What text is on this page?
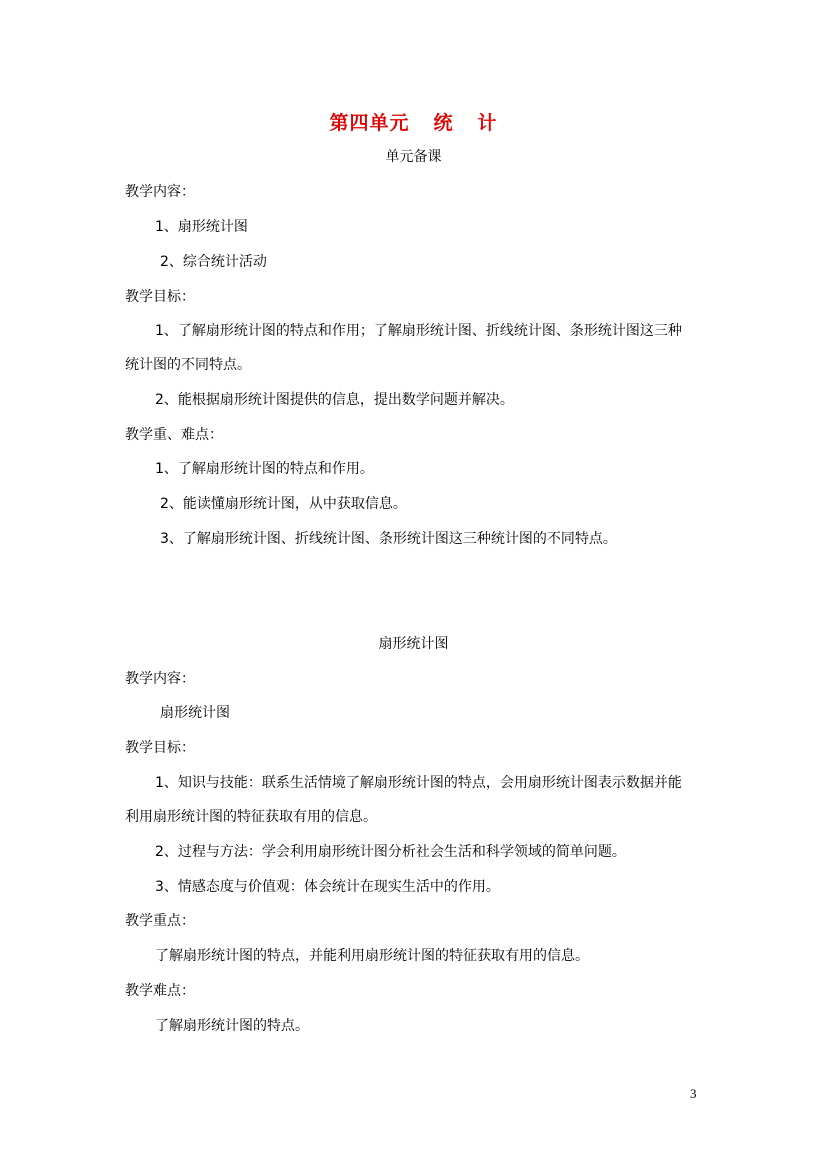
第四单元 统 计
单元备课
教学内容：
1、扇形统计图
2、综合统计活动
教学目标：
1、了解扇形统计图的特点和作用；了解扇形统计图、折线统计图、条形统计图这三种
统计图的不同特点。
2、能根据扇形统计图提供的信息，提出数学问题并解决。
教学重、难点：
1、了解扇形统计图的特点和作用。
2、能读懂扇形统计图，从中获取信息。
3、了解扇形统计图、折线统计图、条形统计图这三种统计图的不同特点。
扇形统计图
教学内容：
扇形统计图
教学目标：
1、知识与技能：联系生活情境了解扇形统计图的特点，会用扇形统计图表示数据并能
利用扇形统计图的特征获取有用的信息。
2、过程与方法：学会利用扇形统计图分析社会生活和科学领域的简单问题。
3、情感态度与价值观：体会统计在现实生活中的作用。
教学重点：
了解扇形统计图的特点，并能利用扇形统计图的特征获取有用的信息。
教学难点：
了解扇形统计图的特点。
3
